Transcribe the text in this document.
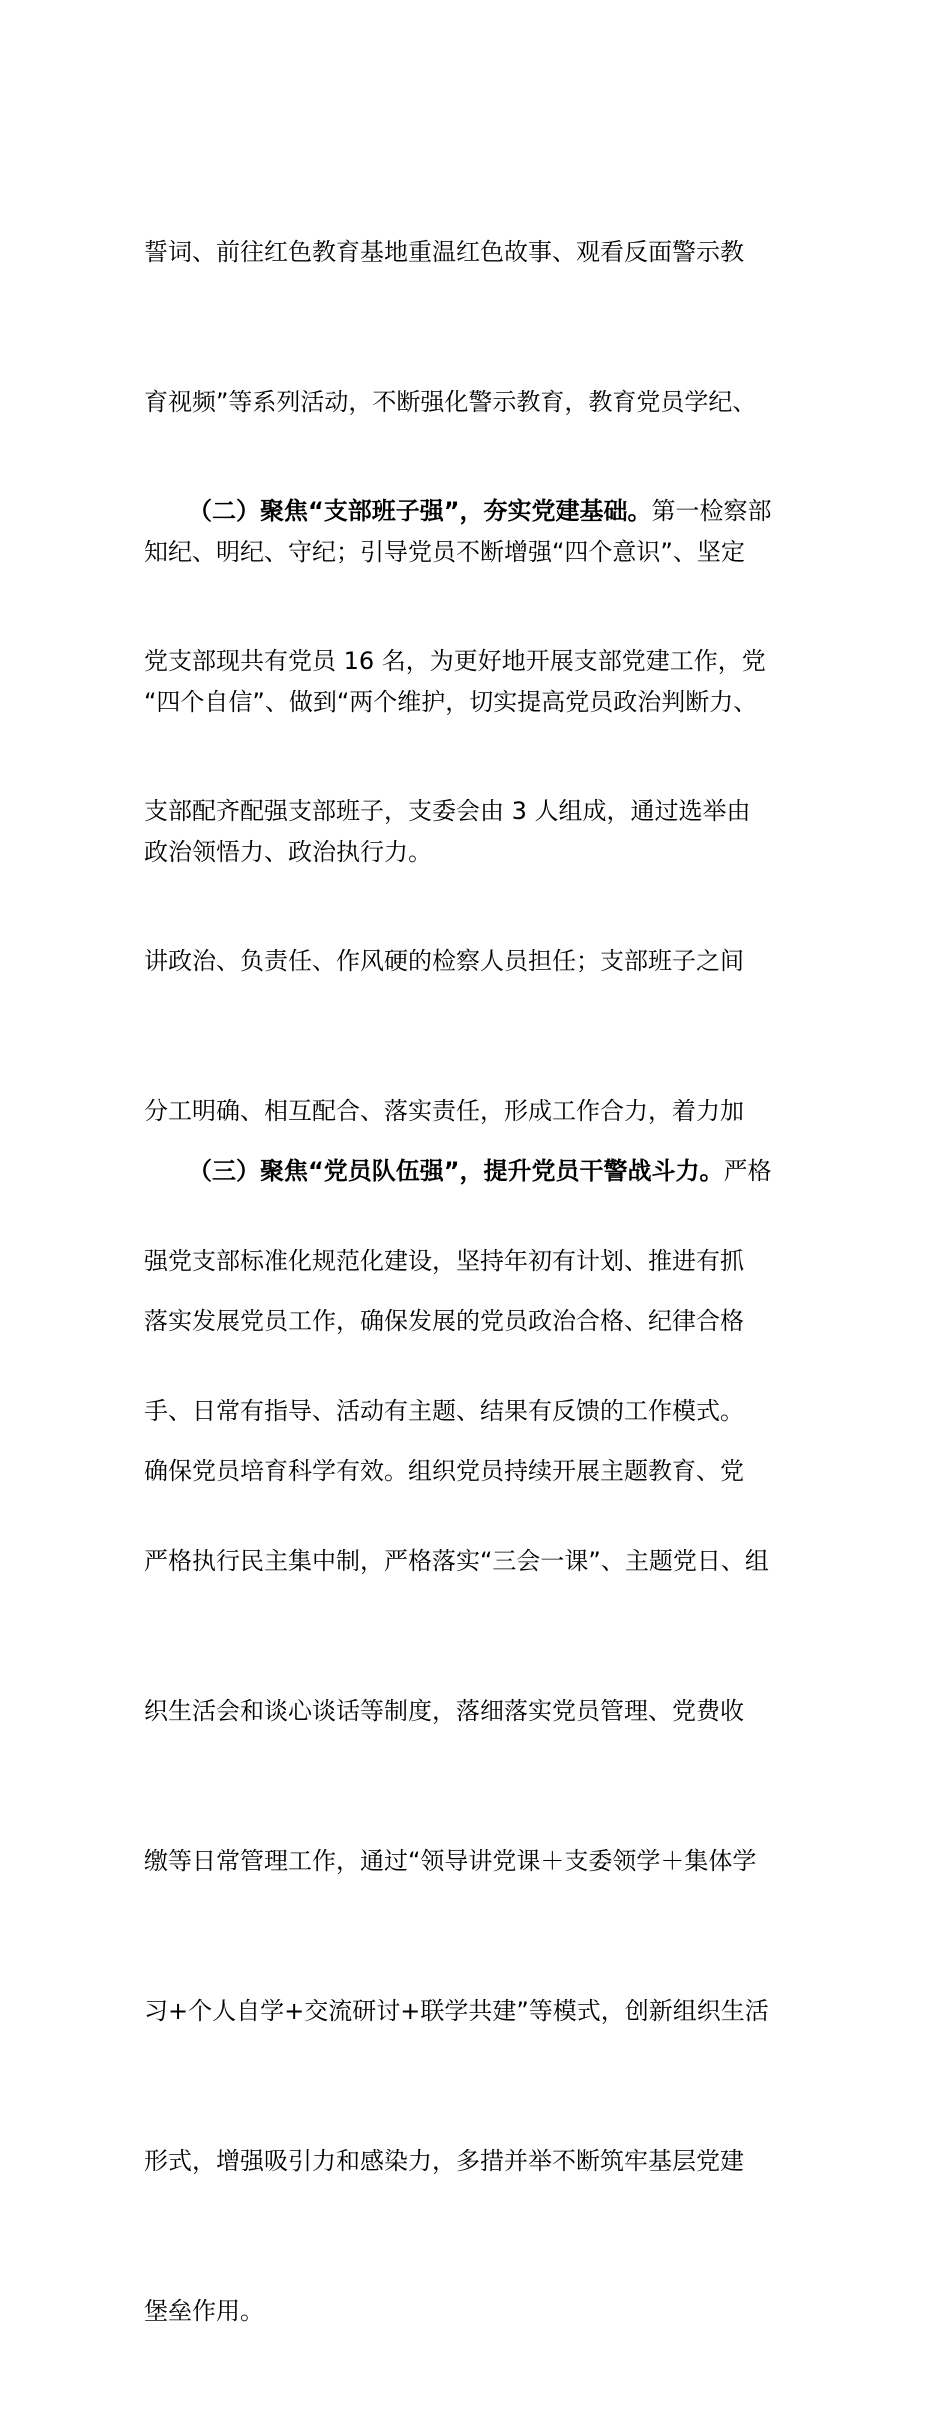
誓词、前往红色教育基地重温红色故事、观看反面警示教

育视频”等系列活动，不断强化警示教育，教育党员学纪、

知纪、明纪、守纪；引导党员不断增强“四个意识”、坚定

“四个自信”、做到“两个维护，切实提高党员政治判断力、

政治领悟力、政治执行力。

（二）聚焦“支部班子强”，夯实党建基础。第一检察部

党支部现共有党员 16 名，为更好地开展支部党建工作，党

支部配齐配强支部班子，支委会由 3 人组成，通过选举由

讲政治、负责任、作风硬的检察人员担任；支部班子之间

分工明确、相互配合、落实责任，形成工作合力，着力加

强党支部标准化规范化建设，坚持年初有计划、推进有抓

手、日常有指导、活动有主题、结果有反馈的工作模式。

严格执行民主集中制，严格落实“三会一课”、主题党日、组

织生活会和谈心谈话等制度，落细落实党员管理、党费收

缴等日常管理工作，通过“领导讲党课＋支委领学＋集体学

习+个人自学+交流研讨+联学共建”等模式，创新组织生活

形式，增强吸引力和感染力，多措并举不断筑牢基层党建

堡垒作用。

（三）聚焦“党员队伍强”，提升党员干警战斗力。严格

落实发展党员工作，确保发展的党员政治合格、纪律合格

确保党员培育科学有效。组织党员持续开展主题教育、党
